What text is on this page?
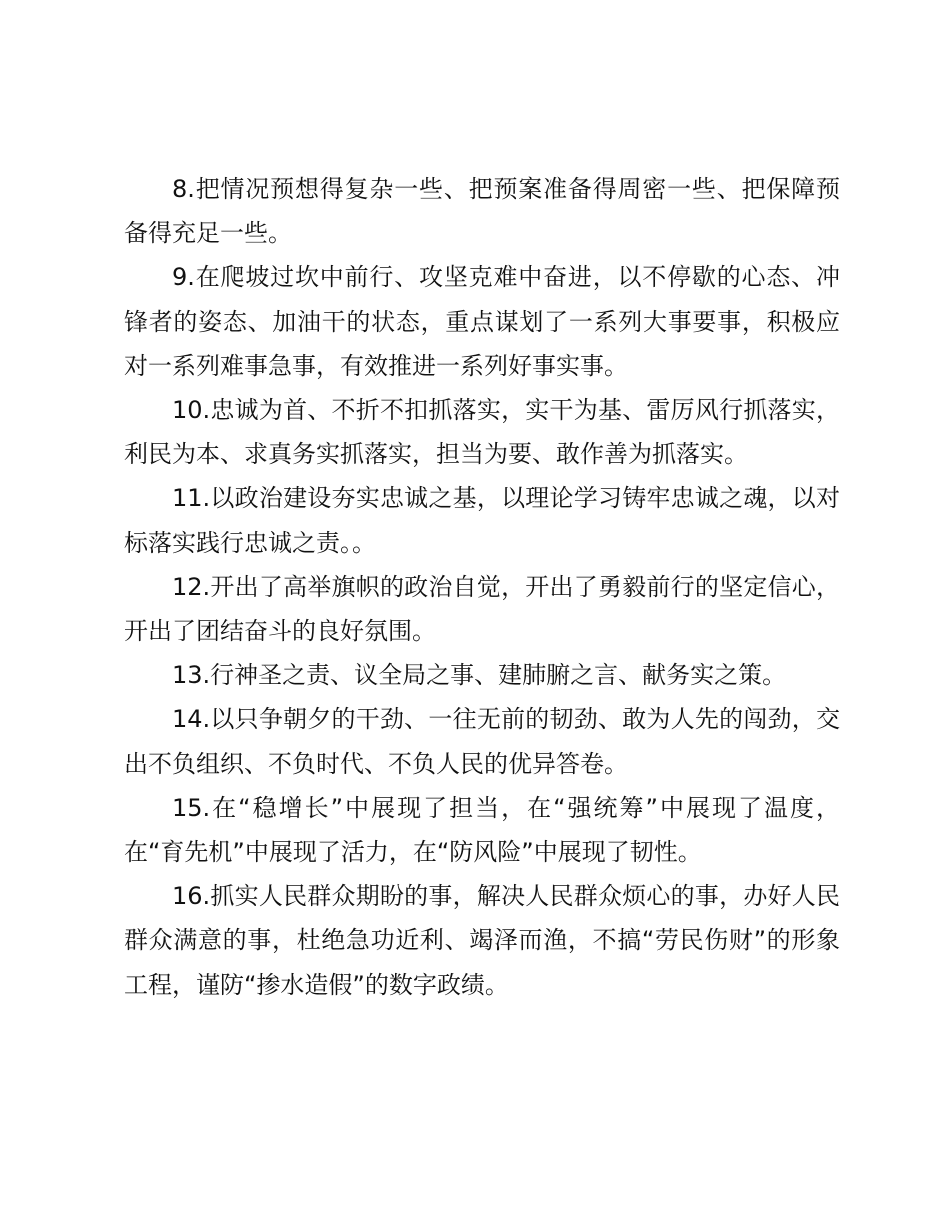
8.把情况预想得复杂一些、把预案准备得周密一些、把保障预备得充足一些。

9.在爬坡过坎中前行、攻坚克难中奋进，以不停歇的心态、冲锋者的姿态、加油干的状态，重点谋划了一系列大事要事，积极应对一系列难事急事，有效推进一系列好事实事。

10.忠诚为首、不折不扣抓落实，实干为基、雷厉风行抓落实，利民为本、求真务实抓落实，担当为要、敢作善为抓落实。

11.以政治建设夯实忠诚之基，以理论学习铸牢忠诚之魂，以对标落实践行忠诚之责。。

12.开出了高举旗帜的政治自觉，开出了勇毅前行的坚定信心，开出了团结奋斗的良好氛围。

13.行神圣之责、议全局之事、建肺腑之言、献务实之策。

14.以只争朝夕的干劲、一往无前的韧劲、敢为人先的闯劲，交出不负组织、不负时代、不负人民的优异答卷。

15.在“稳增长”中展现了担当，在“强统筹”中展现了温度，在“育先机”中展现了活力，在“防风险”中展现了韧性。

16.抓实人民群众期盼的事，解决人民群众烦心的事，办好人民群众满意的事，杜绝急功近利、竭泽而渔，不搞“劳民伤财”的形象工程，谨防“掺水造假”的数字政绩。
